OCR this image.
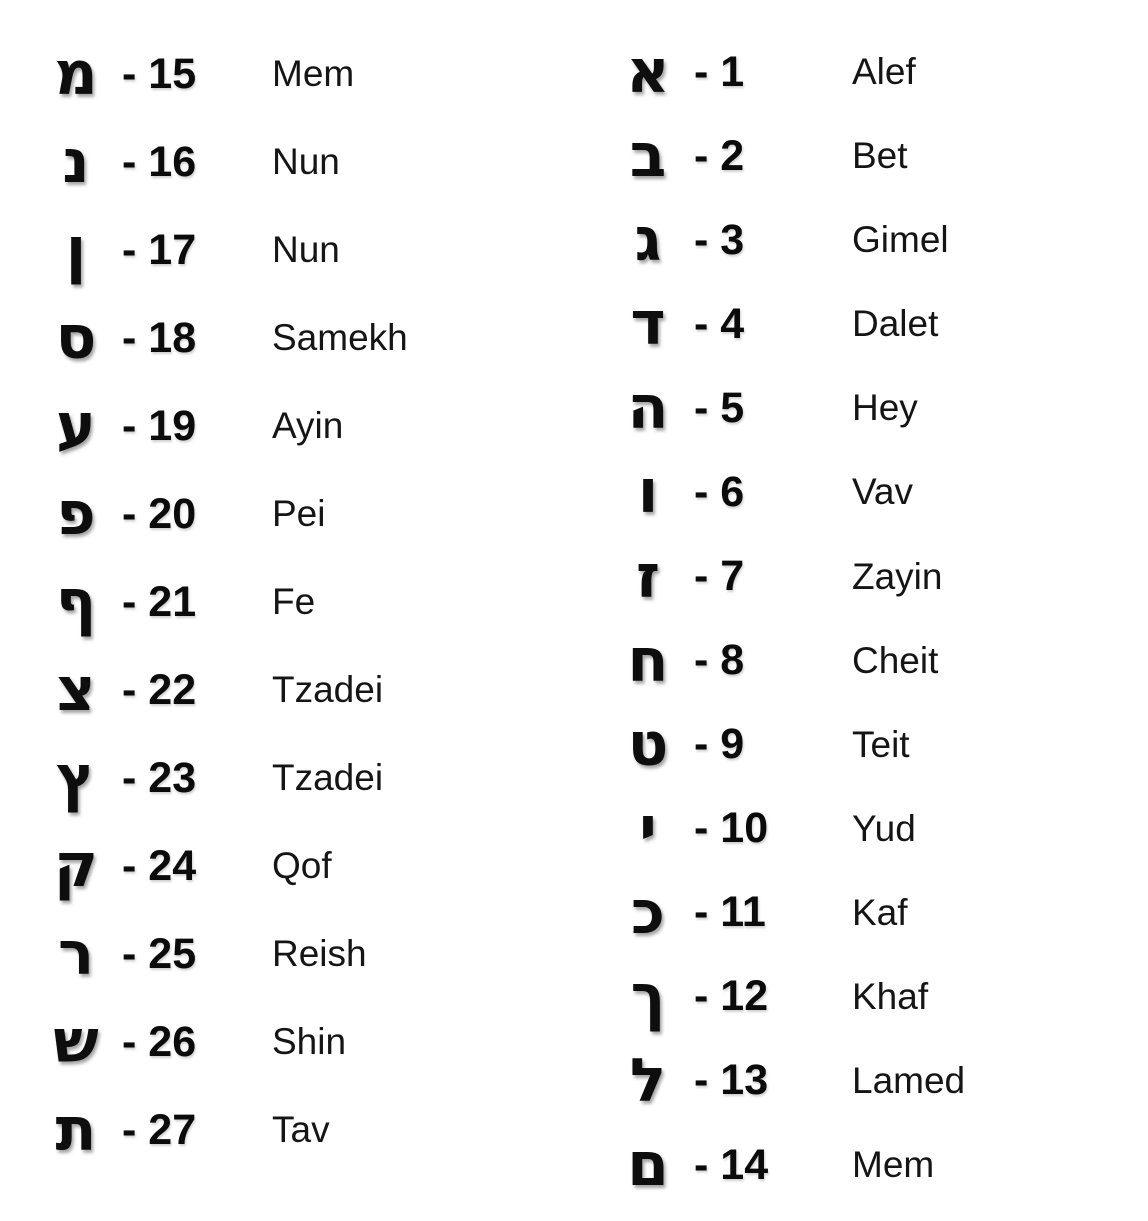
מ - 15	Mem
נ - 16	Nun
ן - 17	Nun
ס - 18	Samekh
ע - 19	Ayin
פ - 20	Pei
ף - 21	Fe
צ - 22	Tzadei
ץ - 23	Tzadei
ק - 24	Qof
ר - 25	Reish
ש - 26	Shin
ת - 27	Tav
א - 1	Alef
ב - 2	Bet
ג - 3	Gimel
ד - 4	Dalet
ה - 5	Hey
ו - 6	Vav
ז - 7	Zayin
ח - 8	Cheit
ט - 9	Teit
י - 10	Yud
כ - 11	Kaf
ך - 12	Khaf
ל - 13	Lamed
ם - 14	Mem
